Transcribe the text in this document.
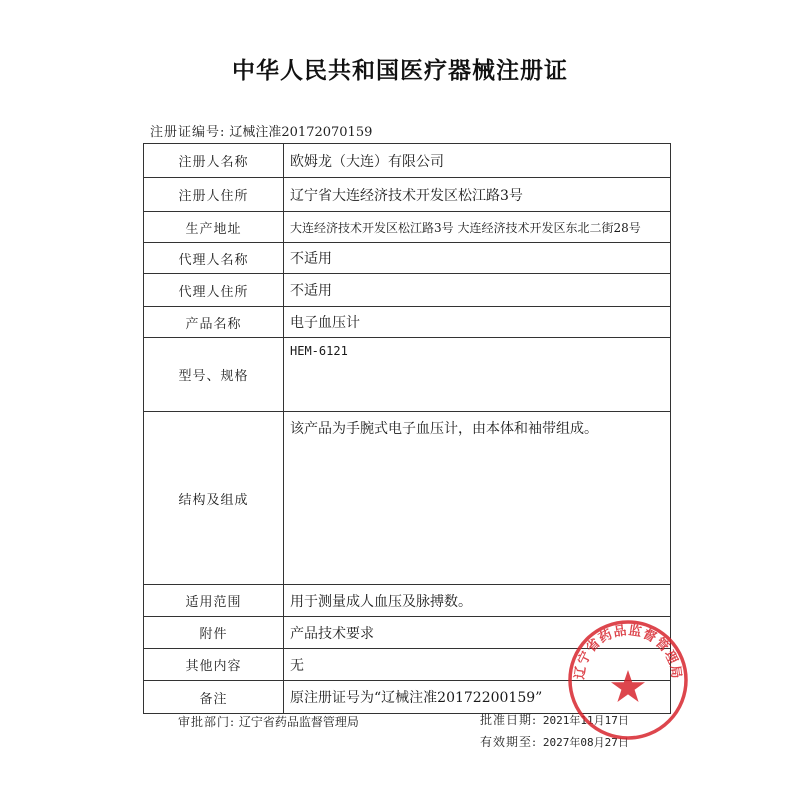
中华人民共和国医疗器械注册证
注册证编号: 辽械注准20172070159
注册人名称	欧姆龙（大连）有限公司
注册人住所	辽宁省大连经济技术开发区松江路3号
生产地址	大连经济技术开发区松江路3号 大连经济技术开发区东北二街28号
代理人名称	不适用
代理人住所	不适用
产品名称	电子血压计
型号、规格	HEM-6121
结构及组成	该产品为手腕式电子血压计，由本体和袖带组成。
适用范围	用于测量成人血压及脉搏数。
附件	产品技术要求
其他内容	无
备注	原注册证号为“辽械注准20172200159”
审批部门: 辽宁省药品监督管理局	批准日期: 2021年11月17日
有效期至: 2027年08月27日
辽宁省药品监督管理局
